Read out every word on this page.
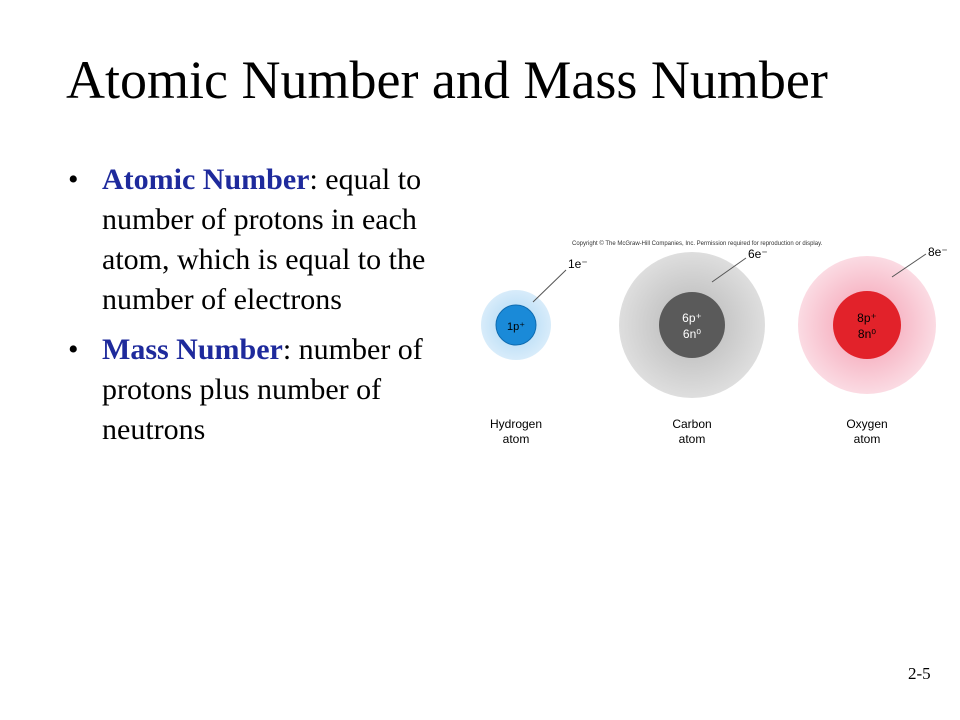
Atomic Number and Mass Number
• Atomic Number: equal to number of protons in each atom, which is equal to the number of electrons
• Mass Number: number of protons plus number of neutrons
Copyright © The McGraw-Hill Companies, Inc. Permission required for reproduction or display.
1p⁺
1e⁻
Hydrogen
atom
6p⁺
6n⁰
6e⁻
Carbon
atom
8p⁺
8n⁰
8e⁻
Oxygen
atom
2-5
